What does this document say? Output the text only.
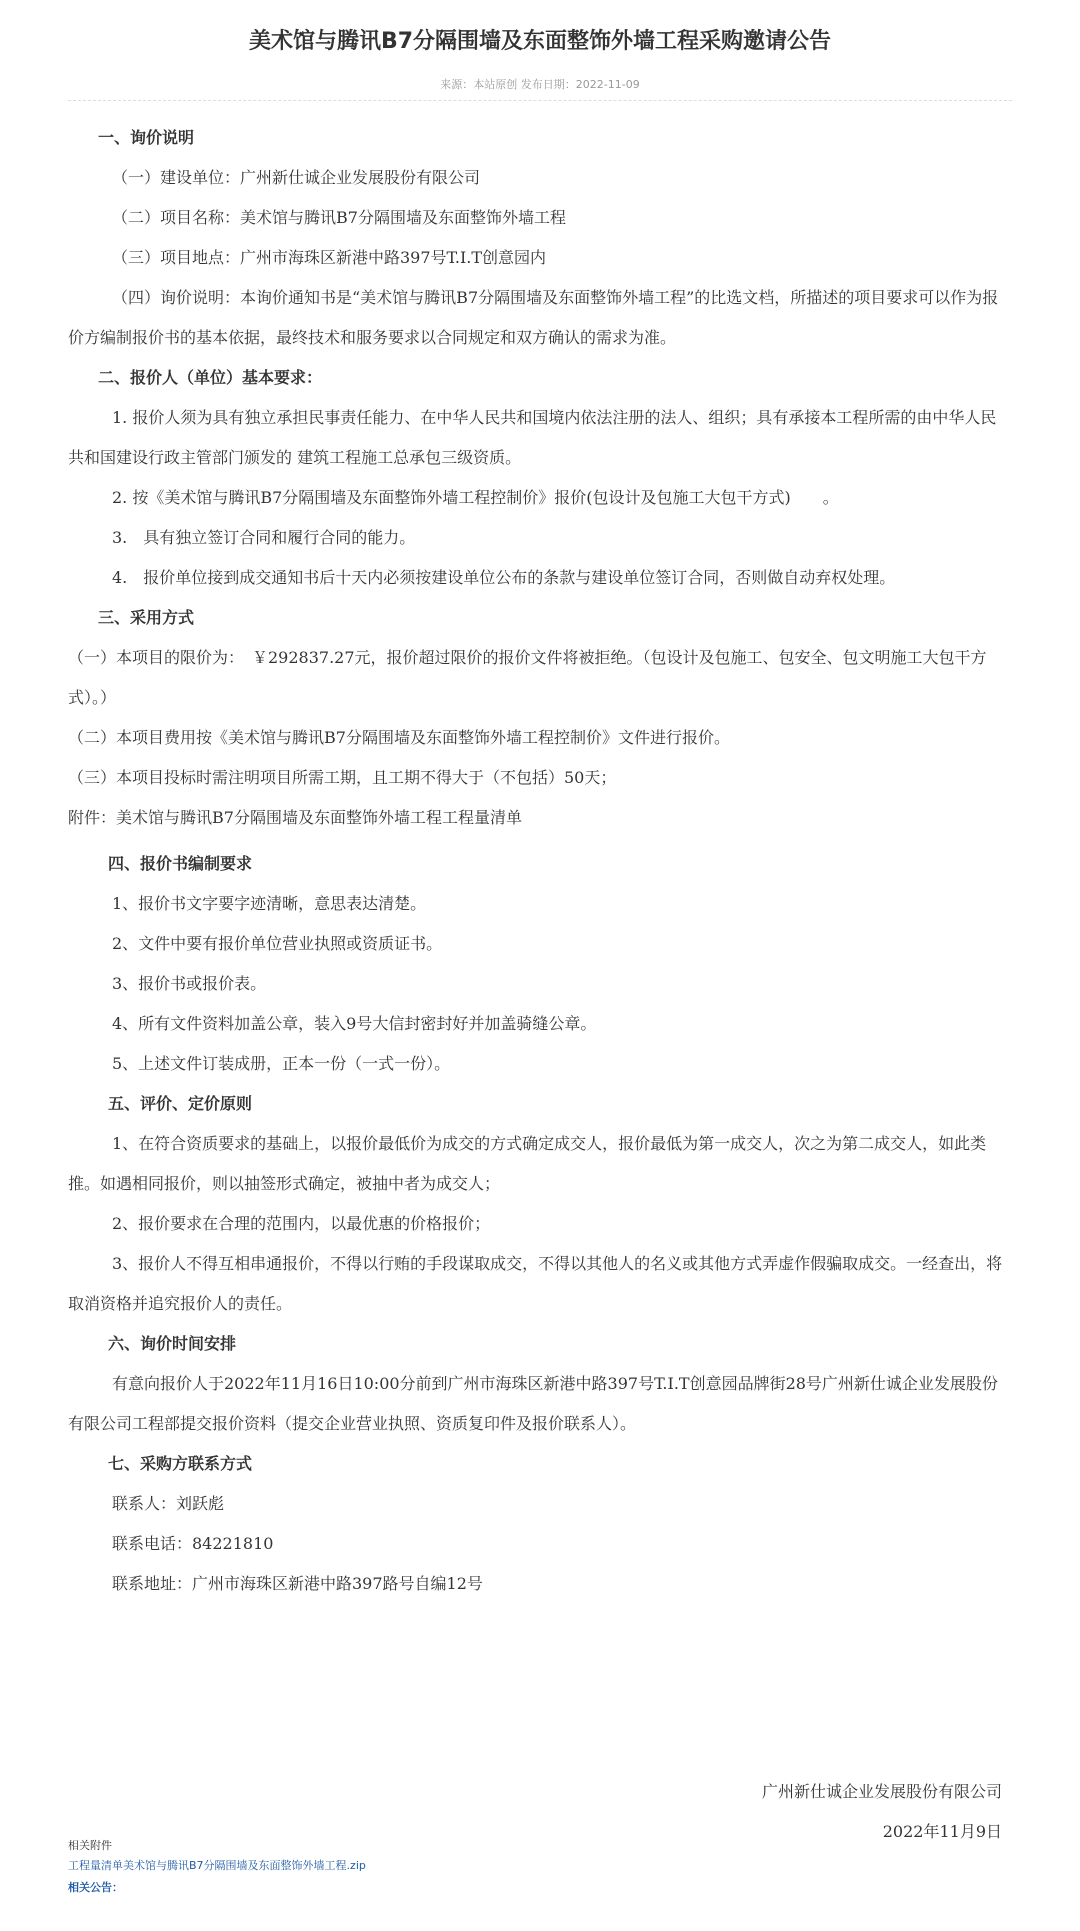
美术馆与腾讯B7分隔围墙及东面整饰外墙工程采购邀请公告
来源：本站原创 发布日期：2022-11-09

一、询价说明

（一）建设单位：广州新仕诚企业发展股份有限公司

（二）项目名称：美术馆与腾讯B7分隔围墙及东面整饰外墙工程

（三）项目地点：广州市海珠区新港中路397号T.I.T创意园内

（四）询价说明：本询价通知书是“美术馆与腾讯B7分隔围墙及东面整饰外墙工程”的比选文档，所描述的项目要求可以作为报价方编制报价书的基本依据，最终技术和服务要求以合同规定和双方确认的需求为准。

二、报价人（单位）基本要求：

1. 报价人须为具有独立承担民事责任能力、在中华人民共和国境内依法注册的法人、组织；具有承接本工程所需的由中华人民共和国建设行政主管部门颁发的 建筑工程施工总承包三级资质。

2. 按《美术馆与腾讯B7分隔围墙及东面整饰外墙工程控制价》报价(包设计及包施工大包干方式)　　。

3.　具有独立签订合同和履行合同的能力。

4.　报价单位接到成交通知书后十天内必须按建设单位公布的条款与建设单位签订合同，否则做自动弃权处理。

三、采用方式

（一）本项目的限价为：　￥292837.27元，报价超过限价的报价文件将被拒绝。（包设计及包施工、包安全、包文明施工大包干方式）。）

（二）本项目费用按《美术馆与腾讯B7分隔围墙及东面整饰外墙工程控制价》文件进行报价。

（三）本项目投标时需注明项目所需工期，且工期不得大于（不包括）50天；

附件：美术馆与腾讯B7分隔围墙及东面整饰外墙工程工程量清单

四、报价书编制要求

1、报价书文字要字迹清晰，意思表达清楚。

2、文件中要有报价单位营业执照或资质证书。

3、报价书或报价表。

4、所有文件资料加盖公章，装入9号大信封密封好并加盖骑缝公章。

5、上述文件订装成册，正本一份（一式一份）。

五、评价、定价原则

1、在符合资质要求的基础上，以报价最低价为成交的方式确定成交人，报价最低为第一成交人，次之为第二成交人，如此类推。如遇相同报价，则以抽签形式确定，被抽中者为成交人；

2、报价要求在合理的范围内，以最优惠的价格报价；

3、报价人不得互相串通报价，不得以行贿的手段谋取成交，不得以其他人的名义或其他方式弄虚作假骗取成交。一经查出，将取消资格并追究报价人的责任。

六、询价时间安排

有意向报价人于2022年11月16日10:00分前到广州市海珠区新港中路397号T.I.T创意园品牌街28号广州新仕诚企业发展股份有限公司工程部提交报价资料（提交企业营业执照、资质复印件及报价联系人）。

七、采购方联系方式

联系人：刘跃彪

联系电话：84221810

联系地址：广州市海珠区新港中路397路号自编12号

广州新仕诚企业发展股份有限公司

2022年11月9日

相关附件
工程量清单美术馆与腾讯B7分隔围墙及东面整饰外墙工程.zip
相关公告：
